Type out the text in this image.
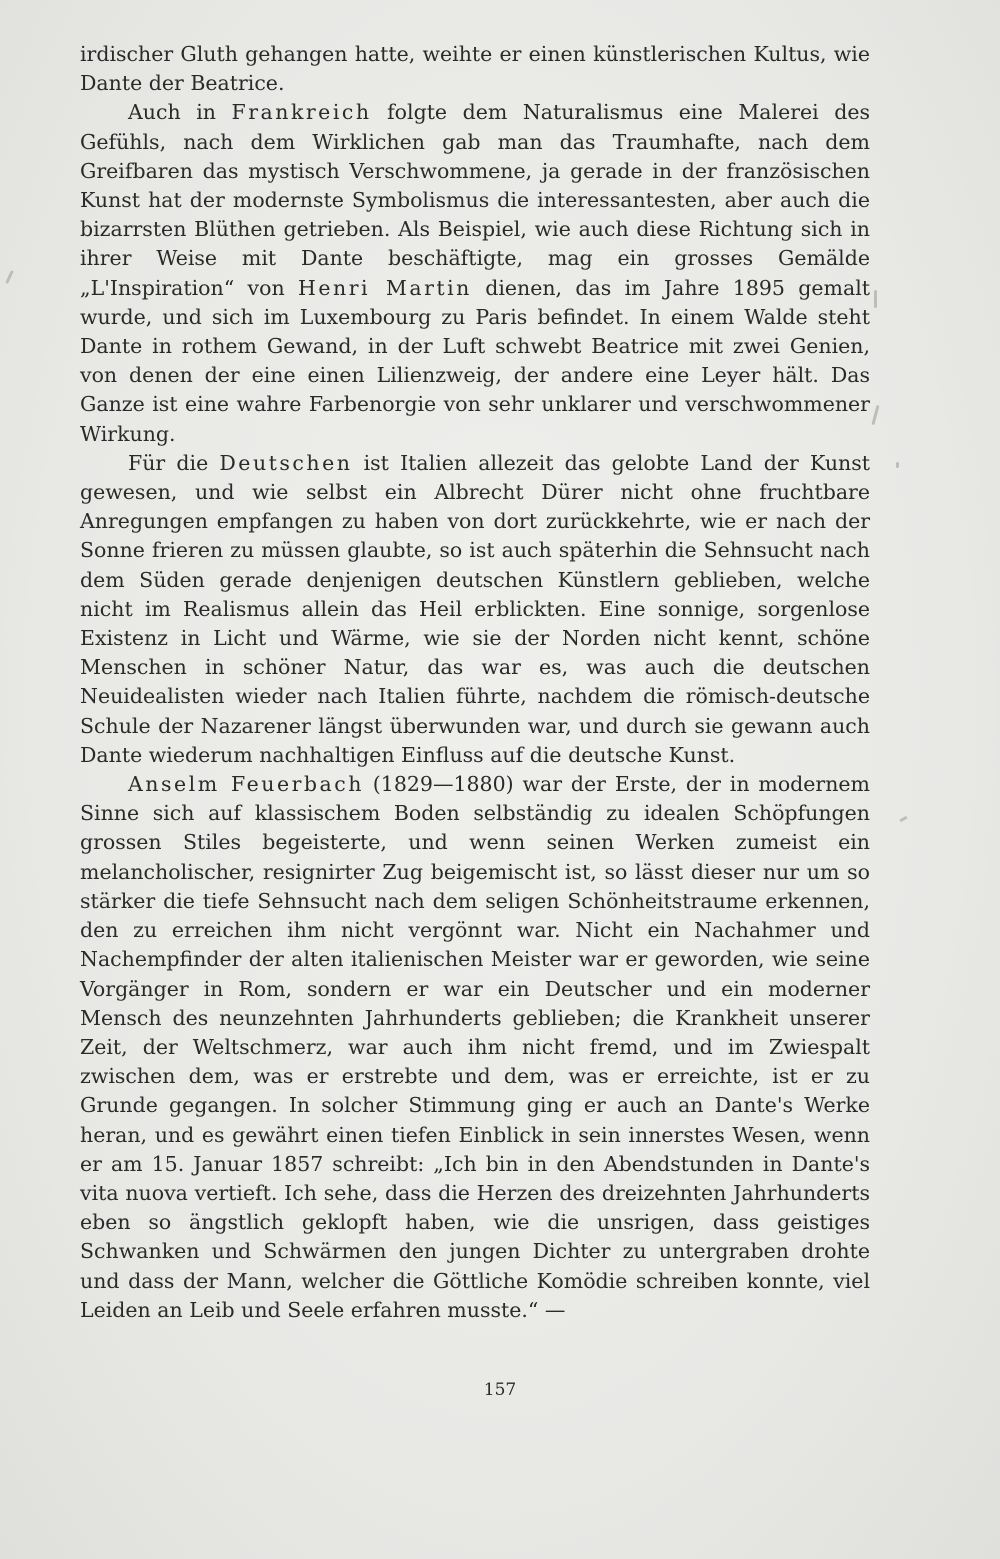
irdischer Gluth gehangen hatte, weihte er einen künstlerischen Kultus, wie Dante der Beatrice.

Auch in Frankreich folgte dem Naturalismus eine Malerei des Gefühls, nach dem Wirklichen gab man das Traumhafte, nach dem Greifbaren das mystisch Verschwommene, ja gerade in der französischen Kunst hat der modernste Symbolismus die interessantesten, aber auch die bizarrsten Blüthen getrieben. Als Beispiel, wie auch diese Richtung sich in ihrer Weise mit Dante beschäftigte, mag ein grosses Gemälde „L'Inspiration“ von Henri Martin dienen, das im Jahre 1895 gemalt wurde, und sich im Luxembourg zu Paris befindet. In einem Walde steht Dante in rothem Gewand, in der Luft schwebt Beatrice mit zwei Genien, von denen der eine einen Lilienzweig, der andere eine Leyer hält. Das Ganze ist eine wahre Farbenorgie von sehr unklarer und verschwommener Wirkung.

Für die Deutschen ist Italien allezeit das gelobte Land der Kunst gewesen, und wie selbst ein Albrecht Dürer nicht ohne fruchtbare Anregungen empfangen zu haben von dort zurückkehrte, wie er nach der Sonne frieren zu müssen glaubte, so ist auch späterhin die Sehnsucht nach dem Süden gerade denjenigen deutschen Künstlern geblieben, welche nicht im Realismus allein das Heil erblickten. Eine sonnige, sorgenlose Existenz in Licht und Wärme, wie sie der Norden nicht kennt, schöne Menschen in schöner Natur, das war es, was auch die deutschen Neuidealisten wieder nach Italien führte, nachdem die römisch-deutsche Schule der Nazarener längst überwunden war, und durch sie gewann auch Dante wiederum nachhaltigen Einfluss auf die deutsche Kunst.

Anselm Feuerbach (1829—1880) war der Erste, der in modernem Sinne sich auf klassischem Boden selbständig zu idealen Schöpfungen grossen Stiles begeisterte, und wenn seinen Werken zumeist ein melancholischer, resignirter Zug beigemischt ist, so lässt dieser nur um so stärker die tiefe Sehnsucht nach dem seligen Schönheitstraume erkennen, den zu erreichen ihm nicht vergönnt war. Nicht ein Nachahmer und Nachempfinder der alten italienischen Meister war er geworden, wie seine Vorgänger in Rom, sondern er war ein Deutscher und ein moderner Mensch des neunzehnten Jahrhunderts geblieben; die Krankheit unserer Zeit, der Weltschmerz, war auch ihm nicht fremd, und im Zwiespalt zwischen dem, was er erstrebte und dem, was er erreichte, ist er zu Grunde gegangen. In solcher Stimmung ging er auch an Dante's Werke heran, und es gewährt einen tiefen Einblick in sein innerstes Wesen, wenn er am 15. Januar 1857 schreibt: „Ich bin in den Abendstunden in Dante's vita nuova vertieft. Ich sehe, dass die Herzen des dreizehnten Jahrhunderts eben so ängstlich geklopft haben, wie die unsrigen, dass geistiges Schwanken und Schwärmen den jungen Dichter zu untergraben drohte und dass der Mann, welcher die Göttliche Komödie schreiben konnte, viel Leiden an Leib und Seele erfahren musste.“ —

157
